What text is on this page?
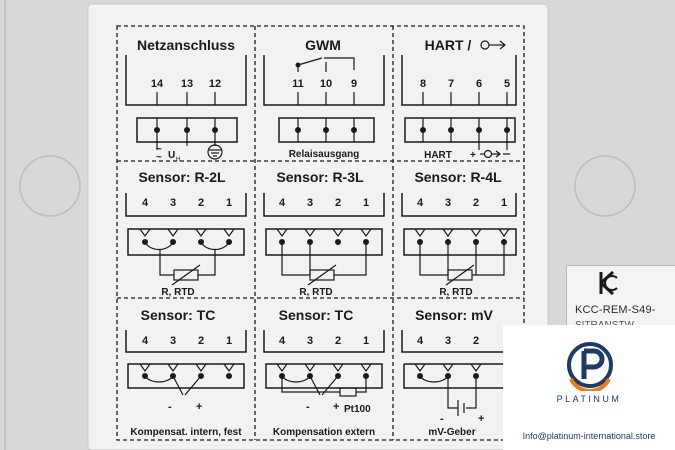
Netzanschluss
14 13 12
~
~ U H
GWM
11 10 9
Relaisausgang
HART /
8 7 6 5
HART +
Sensor: R-2L
4 3 2 1
R, RTD
Sensor: R-3L
4 3 2 1
R, RTD
Sensor: R-4L
4 3 2 1
R, RTD
Sensor: TC
4 3 2 1
- +
Kompensat. intern, fest
Sensor: TC
4 3 2 1
- + Pt100
Kompensation extern
Sensor: mV
4 3 2
-	+
mV-Geber
KCC-REM-S49-
PLATINUM
Info@platinum-international.store
